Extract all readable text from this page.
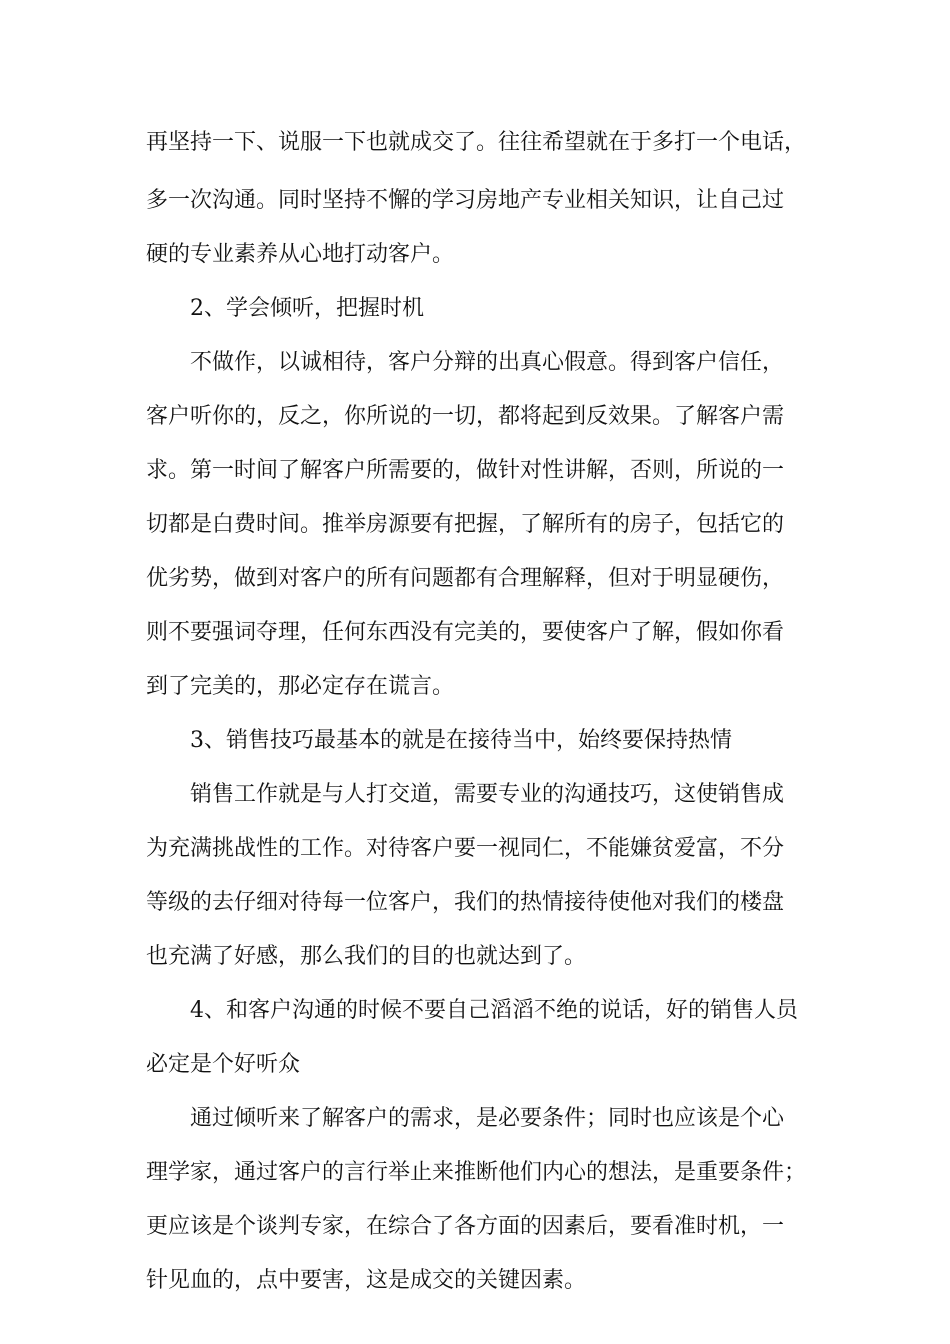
再坚持一下、说服一下也就成交了。往往希望就在于多打一个电话，
多一次沟通。同时坚持不懈的学习房地产专业相关知识，让自己过
硬的专业素养从心地打动客户。
2、学会倾听，把握时机
不做作，以诚相待，客户分辩的出真心假意。得到客户信任，
客户听你的，反之，你所说的一切，都将起到反效果。了解客户需
求。第一时间了解客户所需要的，做针对性讲解，否则，所说的一
切都是白费时间。推举房源要有把握，了解所有的房子，包括它的
优劣势，做到对客户的所有问题都有合理解释，但对于明显硬伤，
则不要强词夺理，任何东西没有完美的，要使客户了解，假如你看
到了完美的，那必定存在谎言。
3、销售技巧最基本的就是在接待当中，始终要保持热情
销售工作就是与人打交道，需要专业的沟通技巧，这使销售成
为充满挑战性的工作。对待客户要一视同仁，不能嫌贫爱富，不分
等级的去仔细对待每一位客户，我们的热情接待使他对我们的楼盘
也充满了好感，那么我们的目的也就达到了。
4、和客户沟通的时候不要自己滔滔不绝的说话，好的销售人员
必定是个好听众
通过倾听来了解客户的需求，是必要条件；同时也应该是个心
理学家，通过客户的言行举止来推断他们内心的想法，是重要条件；
更应该是个谈判专家，在综合了各方面的因素后，要看准时机，一
针见血的，点中要害，这是成交的关键因素。
